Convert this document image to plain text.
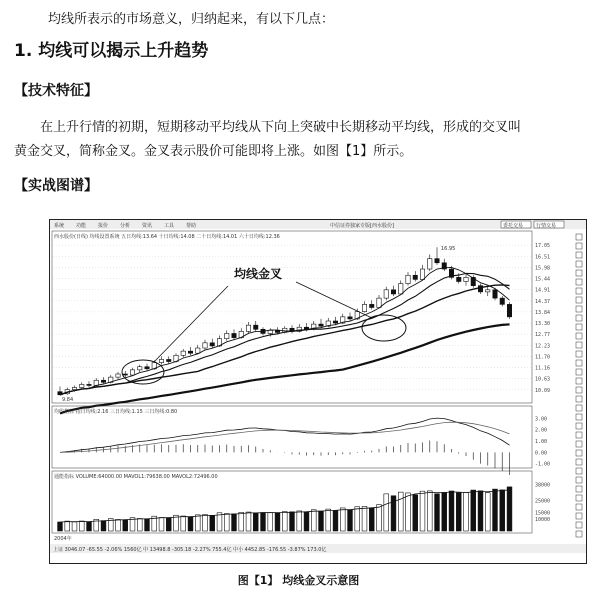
均线所表示的市场意义，归纳起来，有以下几点：
1. 均线可以揭示上升趋势
【技术特征】
在上升行情的初期，短期移动平均线从下向上突破中长期移动平均线，形成的交叉叫
黄金交叉，简称金叉。金叉表示股价可能即将上涨。如图【1】所示。
【实战图谱】
系统 功能 报价 分析 资讯 工具 帮助	中信证券独家专版[西水股份]	委托交易	行情交易
西水股份(日线) 均线设置系统 五日均线:13.64 十日均线:14.08 二十日均线:14.01 六十日均线:12.36
17.05
16.51
15.98
15.44
14.91
14.37
13.84
13.30
12.77
12.23
11.70
11.16
10.63
10.09
16.95
9.84
均线金叉
均线指标 指日均线:2.16 三日均线:1.15 三日均线:0.80
3.00
2.00
1.00
0.00
-1.00
通能指标 VOLUME:64000.00 MAVOL1:79638.00 MAVOL2:72496.00
38000
25000
15000
10000
2004年
上证 3046.07 -65.55 -2.06% 1560亿 中 13498.8 -305.18 -2.27% 755.4亿 中小 4452.85 -176.55 -3.87% 173.0亿
图【1】 均线金叉示意图
